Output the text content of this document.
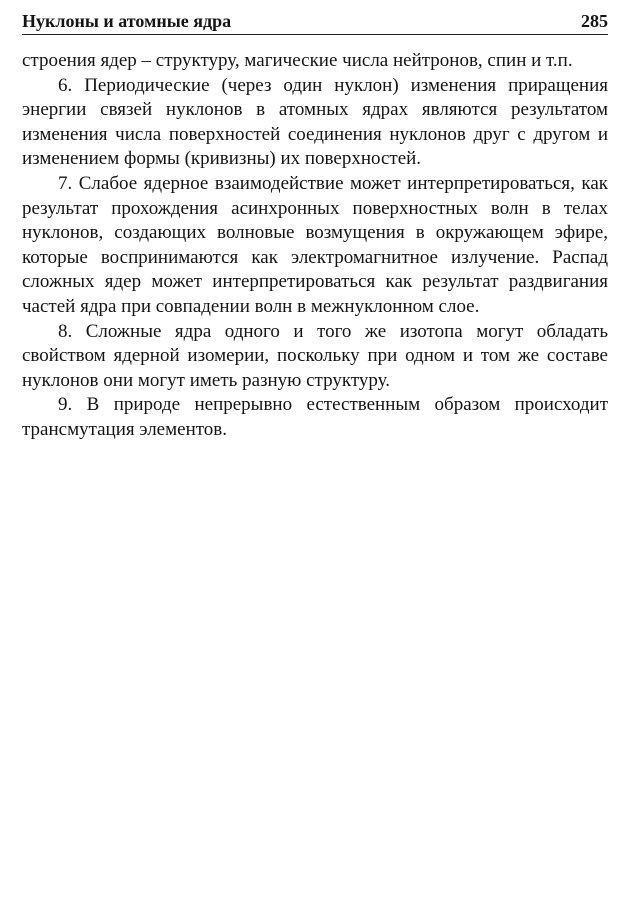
Нуклоны и атомные ядра	285

строения ядер – структуру, магические числа нейтронов, спин и т.п.

6. Периодические (через один нуклон) изменения приращения энергии связей нуклонов в атомных ядрах являются результатом изменения числа поверхностей соединения нуклонов друг с другом и изменением формы (кривизны) их поверхностей.

7. Слабое ядерное взаимодействие может интерпретироваться, как результат прохождения асинхронных поверхностных волн в телах нуклонов, создающих волновые возмущения в окружающем эфире, которые воспринимаются как электромагнитное излучение. Распад сложных ядер может интерпретироваться как результат раздвигания частей ядра при совпадении волн в межнуклонном слое.

8. Сложные ядра одного и того же изотопа могут обладать свойством ядерной изомерии, поскольку при одном и том же составе нуклонов они могут иметь разную структуру.

9. В природе непрерывно естественным образом происходит трансмутация элементов.
